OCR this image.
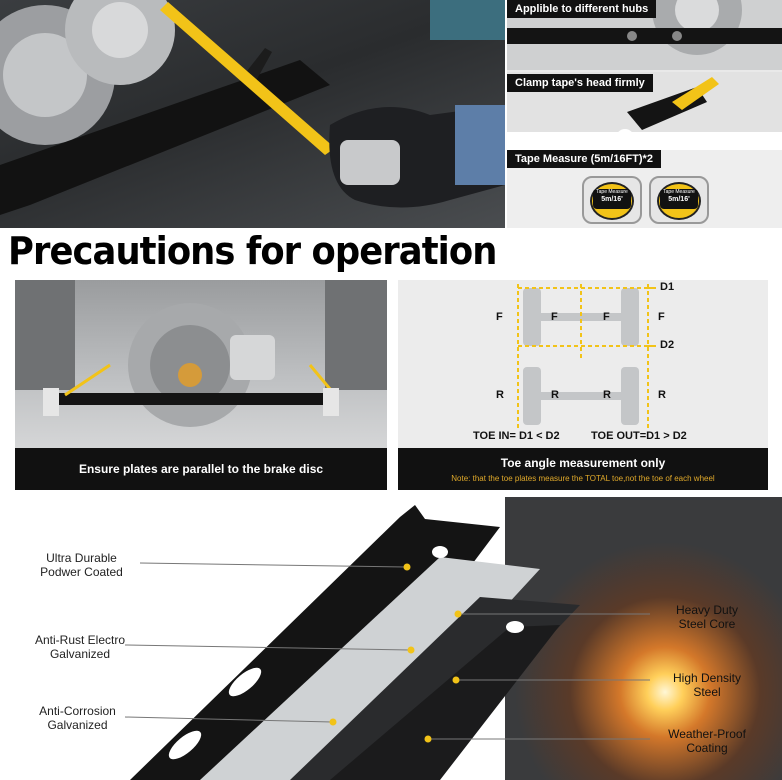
Applible to different hubs
Clamp tape's head firmly
Tape Measure (5m/16FT)*2
Tape Measure
5m/16'
Tape Measure
5m/16'
Precautions for operation
Ensure plates are parallel to the brake disc
D1
D2
F	F	F	F
R	R	R	R
TOE IN= D1 < D2	TOE OUT=D1 > D2
Toe angle measurement only
Note: that the toe plates measure the TOTAL toe,not the toe of each wheel
Ultra Durable
Podwer Coated
Anti-Rust Electro
Galvanized
Anti-Corrosion
Galvanized
Heavy Duty
Steel Core
High Density
Steel
Weather-Proof
Coating
